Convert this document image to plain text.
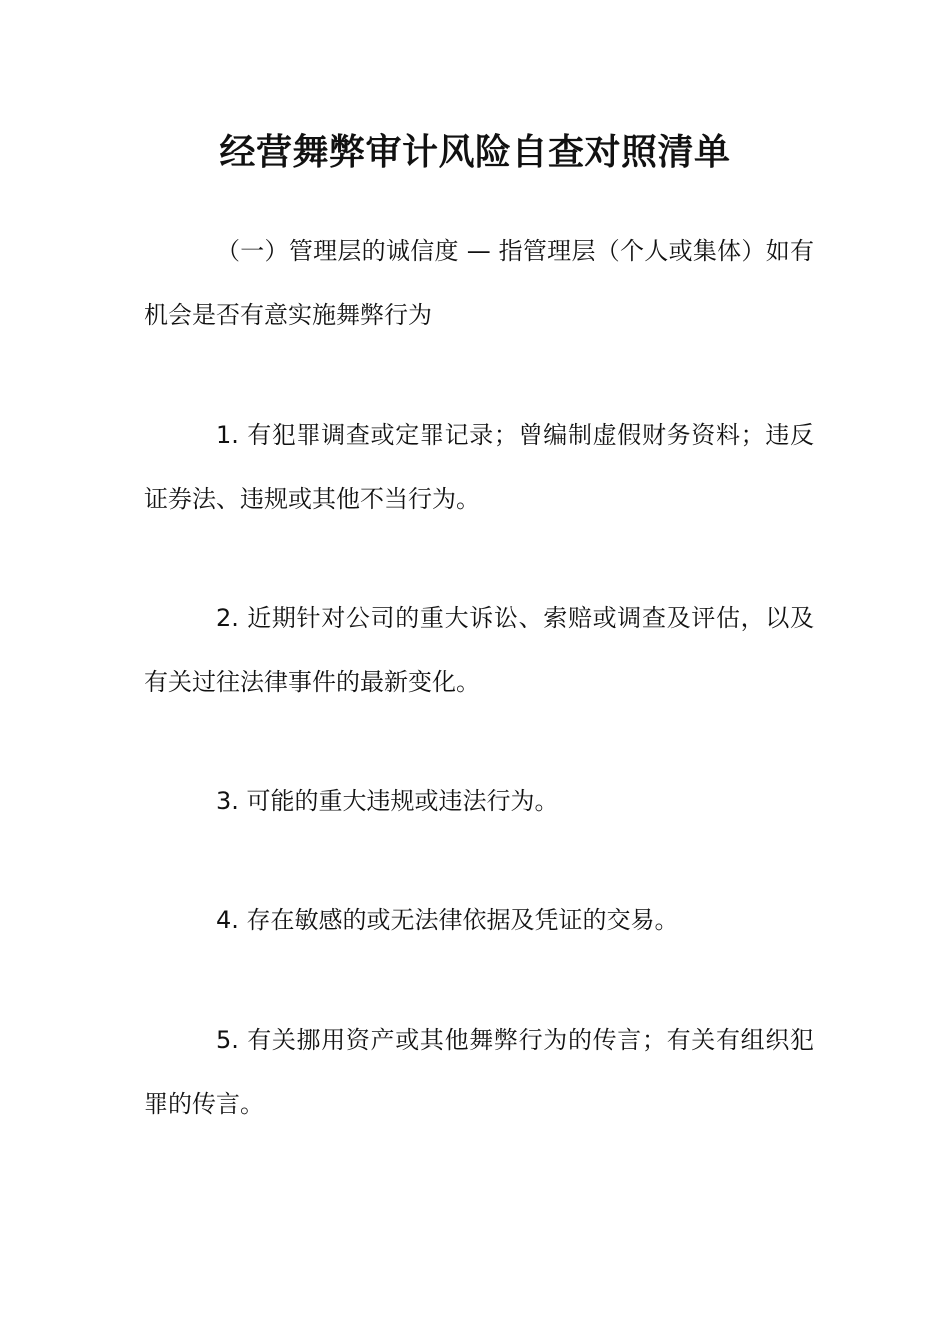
经营舞弊审计风险自查对照清单

（一）管理层的诚信度 — 指管理层（个人或集体）如有机会是否有意实施舞弊行为

1. 有犯罪调查或定罪记录；曾编制虚假财务资料；违反证券法、违规或其他不当行为。

2. 近期针对公司的重大诉讼、索赔或调查及评估，以及有关过往法律事件的最新变化。

3. 可能的重大违规或违法行为。

4. 存在敏感的或无法律依据及凭证的交易。

5. 有关挪用资产或其他舞弊行为的传言；有关有组织犯罪的传言。
